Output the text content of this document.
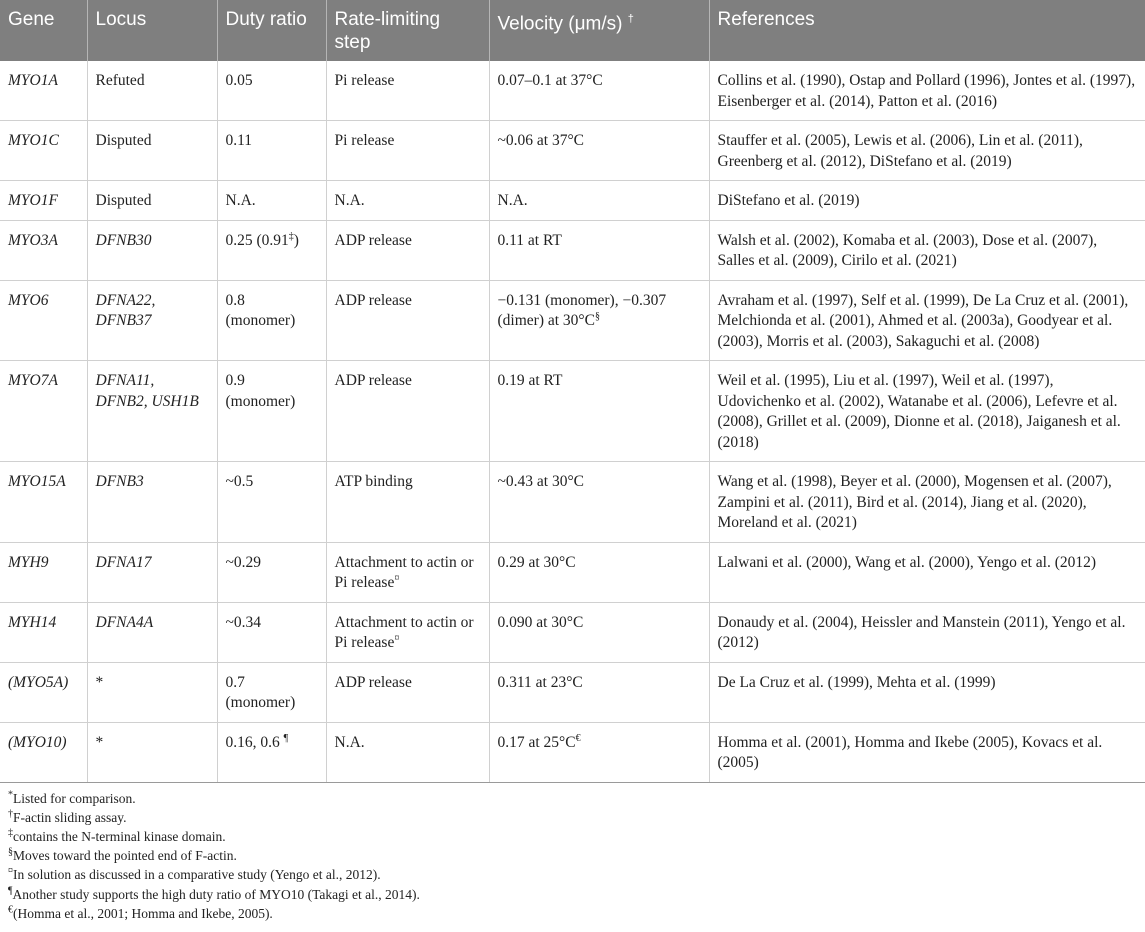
Gene	Locus	Duty ratio	Rate-limiting step	Velocity (μm/s) †	References
MYO1A	Refuted	0.05	Pi release	0.07–0.1 at 37°C	Collins et al. (1990), Ostap and Pollard (1996), Jontes et al. (1997), Eisenberger et al. (2014), Patton et al. (2016)
MYO1C	Disputed	0.11	Pi release	~0.06 at 37°C	Stauffer et al. (2005), Lewis et al. (2006), Lin et al. (2011), Greenberg et al. (2012), DiStefano et al. (2019)
MYO1F	Disputed	N.A.	N.A.	N.A.	DiStefano et al. (2019)
MYO3A	DFNB30	0.25 (0.91‡)	ADP release	0.11 at RT	Walsh et al. (2002), Komaba et al. (2003), Dose et al. (2007), Salles et al. (2009), Cirilo et al. (2021)
MYO6	DFNA22, DFNB37	0.8 (monomer)	ADP release	−0.131 (monomer), −0.307 (dimer) at 30°C§	Avraham et al. (1997), Self et al. (1999), De La Cruz et al. (2001), Melchionda et al. (2001), Ahmed et al. (2003a), Goodyear et al. (2003), Morris et al. (2003), Sakaguchi et al. (2008)
MYO7A	DFNA11, DFNB2, USH1B	0.9 (monomer)	ADP release	0.19 at RT	Weil et al. (1995), Liu et al. (1997), Weil et al. (1997), Udovichenko et al. (2002), Watanabe et al. (2006), Lefevre et al. (2008), Grillet et al. (2009), Dionne et al. (2018), Jaiganesh et al. (2018)
MYO15A	DFNB3	~0.5	ATP binding	~0.43 at 30°C	Wang et al. (1998), Beyer et al. (2000), Mogensen et al. (2007), Zampini et al. (2011), Bird et al. (2014), Jiang et al. (2020), Moreland et al. (2021)
MYH9	DFNA17	~0.29	Attachment to actin or Pi release¤	0.29 at 30°C	Lalwani et al. (2000), Wang et al. (2000), Yengo et al. (2012)
MYH14	DFNA4A	~0.34	Attachment to actin or Pi release¤	0.090 at 30°C	Donaudy et al. (2004), Heissler and Manstein (2011), Yengo et al. (2012)
(MYO5A)	*	0.7 (monomer)	ADP release	0.311 at 23°C	De La Cruz et al. (1999), Mehta et al. (1999)
(MYO10)	*	0.16, 0.6 ¶	N.A.	0.17 at 25°C€	Homma et al. (2001), Homma and Ikebe (2005), Kovacs et al. (2005)
*Listed for comparison.
†F-actin sliding assay.
‡contains the N-terminal kinase domain.
§Moves toward the pointed end of F-actin.
¤In solution as discussed in a comparative study (Yengo et al., 2012).
¶Another study supports the high duty ratio of MYO10 (Takagi et al., 2014).
€(Homma et al., 2001; Homma and Ikebe, 2005).
